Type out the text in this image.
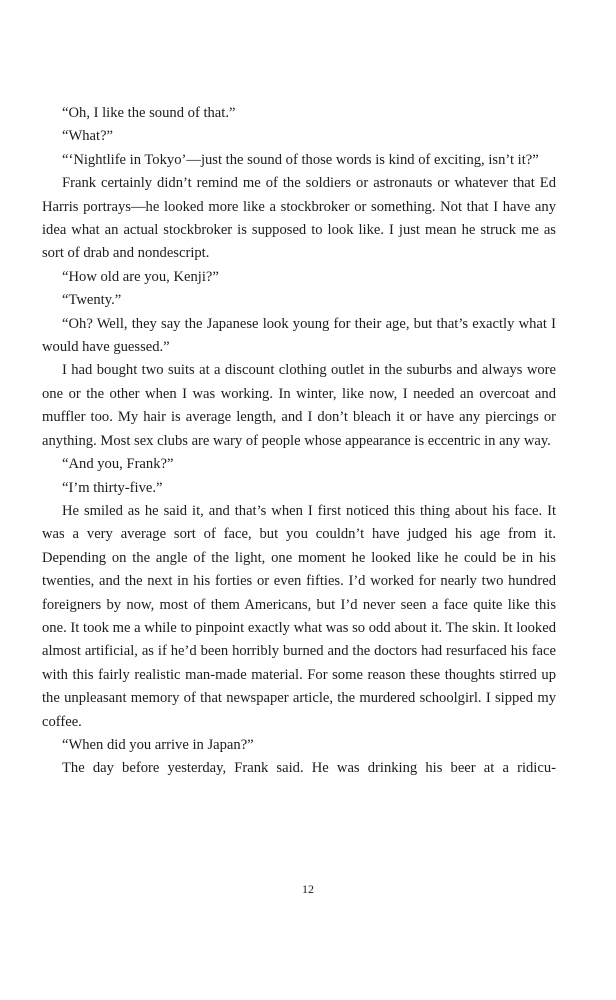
“Oh, I like the sound of that.”

“What?”

“‘Nightlife in Tokyo’—just the sound of those words is kind of exciting, isn’t it?”

Frank certainly didn’t remind me of the soldiers or astronauts or whatever that Ed Harris portrays—he looked more like a stockbroker or something. Not that I have any idea what an actual stockbroker is supposed to look like. I just mean he struck me as sort of drab and nondescript.

“How old are you, Kenji?”

“Twenty.”

“Oh? Well, they say the Japanese look young for their age, but that’s exactly what I would have guessed.”

I had bought two suits at a discount clothing outlet in the suburbs and always wore one or the other when I was working. In winter, like now, I needed an overcoat and muffler too. My hair is average length, and I don’t bleach it or have any piercings or anything. Most sex clubs are wary of people whose appearance is eccentric in any way.

“And you, Frank?”

“I’m thirty-five.”

He smiled as he said it, and that’s when I first noticed this thing about his face. It was a very average sort of face, but you couldn’t have judged his age from it. Depending on the angle of the light, one moment he looked like he could be in his twenties, and the next in his forties or even fifties. I’d worked for nearly two hundred foreigners by now, most of them Americans, but I’d never seen a face quite like this one. It took me a while to pinpoint exactly what was so odd about it. The skin. It looked almost artificial, as if he’d been horribly burned and the doctors had resurfaced his face with this fairly realistic man-made material. For some reason these thoughts stirred up the unpleasant memory of that newspaper article, the murdered schoolgirl. I sipped my coffee.

“When did you arrive in Japan?”

The day before yesterday, Frank said. He was drinking his beer at a ridicu-

12
